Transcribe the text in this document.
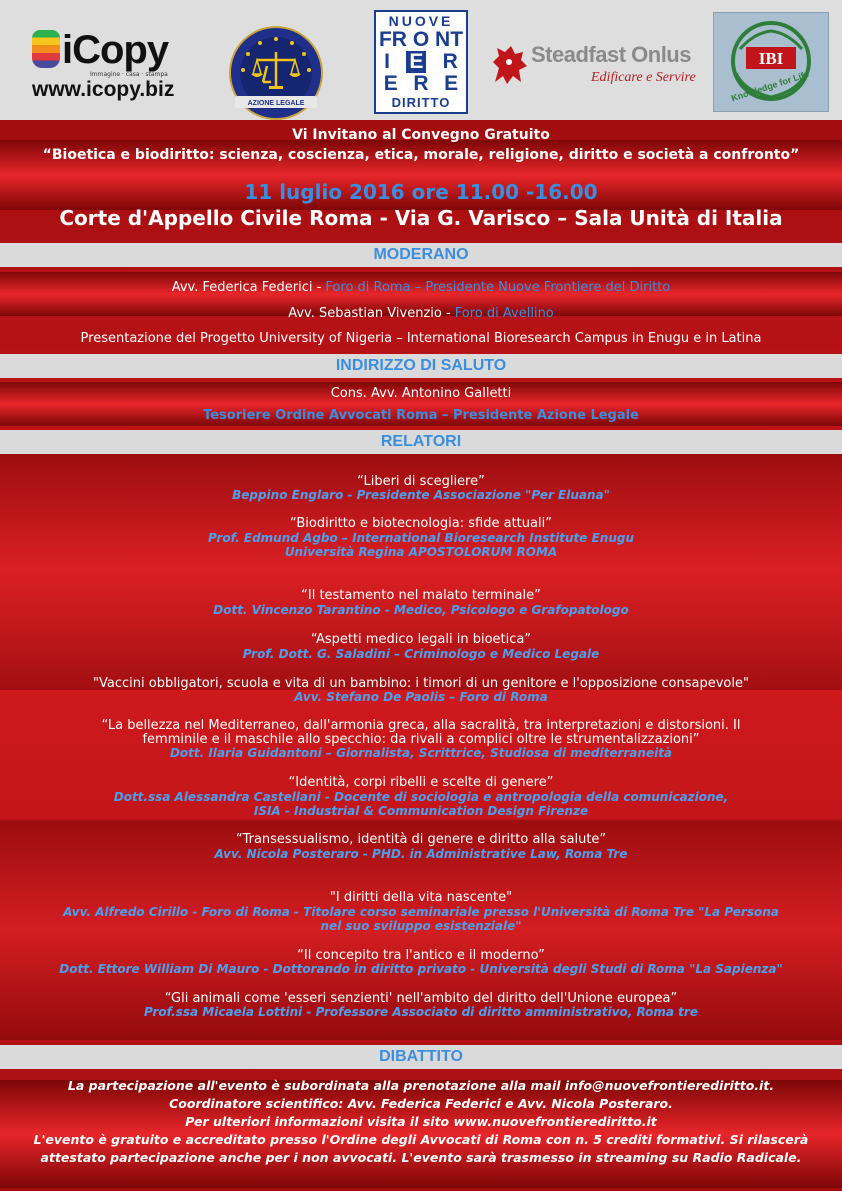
iCopy
Immagine · casa · stampa
www.icopy.biz
AZIONE LEGALE
NUOVE
FR O NT
I E R
E R E
DIRITTO
Steadfast Onlus
Edificare e Servire
IBI
Knowledge for Life
Vi Invitano al Convegno Gratuito
“Bioetica e biodiritto: scienza, coscienza, etica, morale, religione, diritto e società a confronto”
11 luglio 2016 ore 11.00 -16.00
Corte d'Appello Civile Roma - Via G. Varisco – Sala Unità di Italia
MODERANO
Avv. Federica Federici - Foro di Roma – Presidente Nuove Frontiere del Diritto
Avv. Sebastian Vivenzio - Foro di Avellino
Presentazione del Progetto University of Nigeria – International Bioresearch Campus in Enugu e in Latina
INDIRIZZO DI SALUTO
Cons. Avv. Antonino Galletti
Tesoriere Ordine Avvocati Roma – Presidente Azione Legale
RELATORI
“Liberi di scegliere”
Beppino Englaro - Presidente Associazione "Per Eluana"
“Biodiritto e biotecnologia: sfide attuali”
Prof. Edmund Agbo – International Bioresearch Institute Enugu
Università Regina APOSTOLORUM ROMA
“Il testamento nel malato terminale”
Dott. Vincenzo Tarantino - Medico, Psicologo e Grafopatologo
“Aspetti medico legali in bioetica”
Prof. Dott. G. Saladini – Criminologo e Medico Legale
"Vaccini obbligatori, scuola e vita di un bambino: i timori di un genitore e l'opposizione consapevole"
Avv. Stefano De Paolis – Foro di Roma
“La bellezza nel Mediterraneo, dall'armonia greca, alla sacralità, tra interpretazioni e distorsioni. Il
femminile e il maschile allo specchio: da rivali a complici oltre le strumentalizzazioni”
Dott. Ilaria Guidantoni – Giornalista, Scrittrice, Studiosa di mediterraneità
“Identità, corpi ribelli e scelte di genere”
Dott.ssa Alessandra Castellani - Docente di sociologia e antropologia della comunicazione,
ISIA - Industrial & Communication Design Firenze
“Transessualismo, identità di genere e diritto alla salute”
Avv. Nicola Posteraro - PHD. in Administrative Law, Roma Tre
"I diritti della vita nascente"
Avv. Alfredo Cirillo - Foro di Roma - Titolare corso seminariale presso l'Università di Roma Tre "La Persona
nel suo sviluppo esistenziale"
“Il concepito tra l'antico e il moderno”
Dott. Ettore William Di Mauro - Dottorando in diritto privato - Università degli Studi di Roma "La Sapienza"
“Gli animali come 'esseri senzienti' nell'ambito del diritto dell'Unione europea”
Prof.ssa Micaela Lottini - Professore Associato di diritto amministrativo, Roma tre
DIBATTITO
La partecipazione all'evento è subordinata alla prenotazione alla mail info@nuovefrontierediritto.it.
Coordinatore scientifico: Avv. Federica Federici e Avv. Nicola Posteraro.
Per ulteriori informazioni visita il sito www.nuovefrontierediritto.it
L'evento è gratuito e accreditato presso l'Ordine degli Avvocati di Roma con n. 5 crediti formativi. Si rilascerà
attestato partecipazione anche per i non avvocati. L'evento sarà trasmesso in streaming su Radio Radicale.
